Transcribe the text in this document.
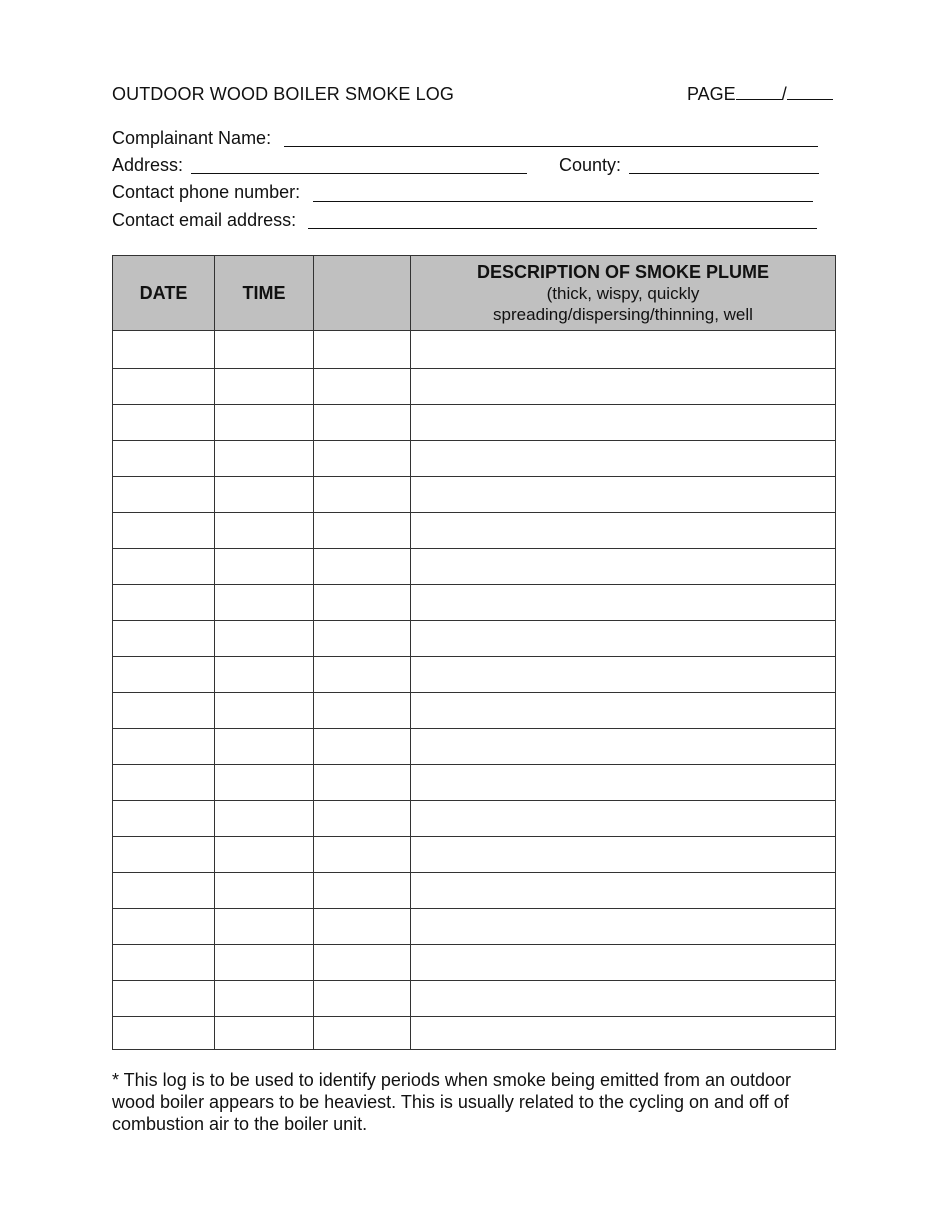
OUTDOOR WOOD BOILER SMOKE LOG	PAGE	/
Complainant Name:
Address:	County:
Contact phone number:
Contact email address:
DATE	TIME		DESCRIPTION OF SMOKE PLUME
(thick, wispy, quickly
spreading/dispersing/thinning, well

* This log is to be used to identify periods when smoke being emitted from an outdoor wood boiler appears to be heaviest. This is usually related to the cycling on and off of combustion air to the boiler unit.
